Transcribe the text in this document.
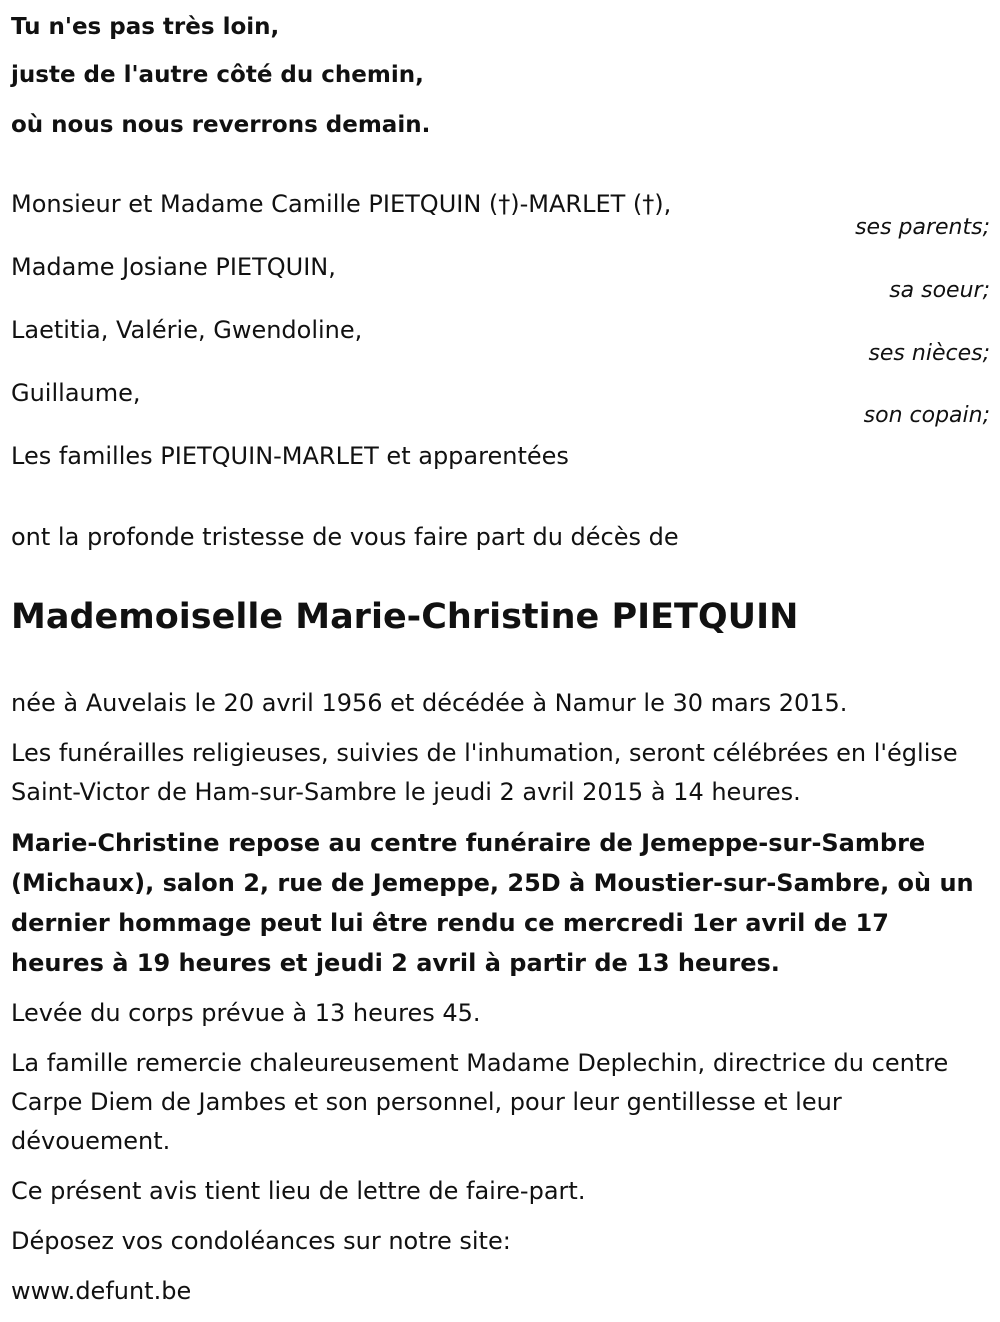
Tu n'es pas très loin,
juste de l'autre côté du chemin,
où nous nous reverrons demain.
Monsieur et Madame Camille PIETQUIN (†)-MARLET (†),
ses parents;
Madame Josiane PIETQUIN,
sa soeur;
Laetitia, Valérie, Gwendoline,
ses nièces;
Guillaume,
son copain;
Les familles PIETQUIN-MARLET et apparentées
ont la profonde tristesse de vous faire part du décès de
Mademoiselle Marie-Christine PIETQUIN

née à Auvelais le 20 avril 1956 et décédée à Namur le 30 mars 2015.

Les funérailles religieuses, suivies de l'inhumation, seront célébrées en l'église Saint-Victor de Ham-sur-Sambre le jeudi 2 avril 2015 à 14 heures.

Marie-Christine repose au centre funéraire de Jemeppe-sur-Sambre (Michaux), salon 2, rue de Jemeppe, 25D à Moustier-sur-Sambre, où un dernier hommage peut lui être rendu ce mercredi 1er avril de 17 heures à 19 heures et jeudi 2 avril à partir de 13 heures.

Levée du corps prévue à 13 heures 45.

La famille remercie chaleureusement Madame Deplechin, directrice du centre Carpe Diem de Jambes et son personnel, pour leur gentillesse et leur dévouement.

Ce présent avis tient lieu de lettre de faire-part.

Déposez vos condoléances sur notre site:

www.defunt.be
